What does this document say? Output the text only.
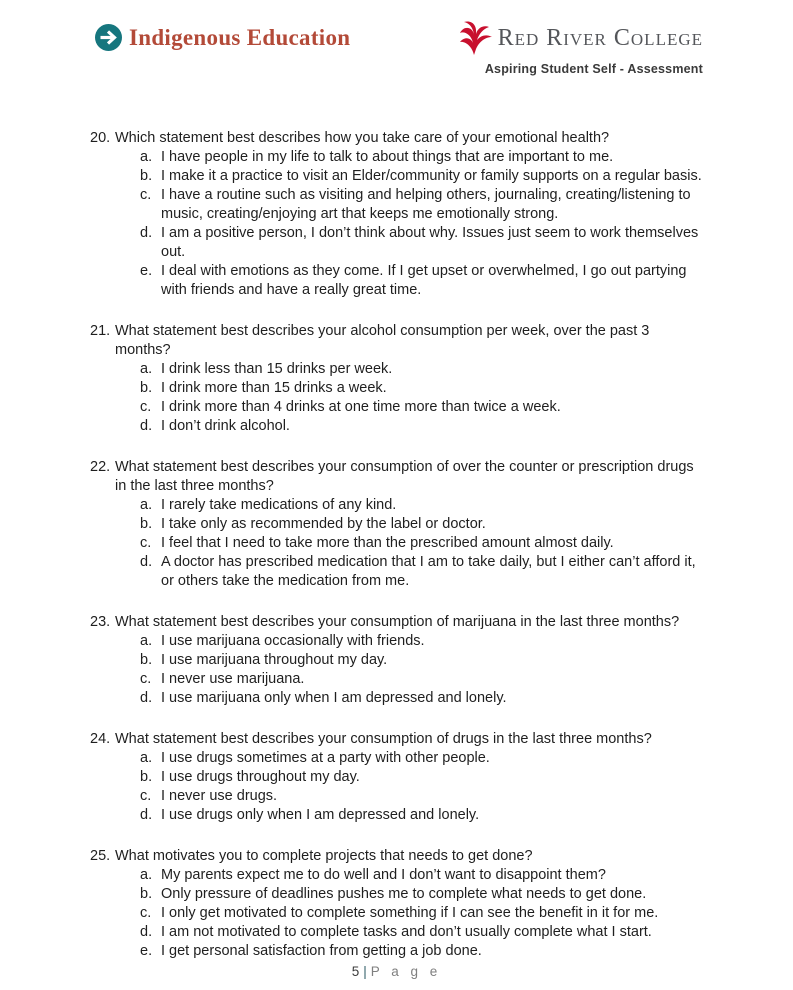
Indigenous Education	Red River College
Aspiring Student Self - Assessment
20. Which statement best describes how you take care of your emotional health?
a. I have people in my life to talk to about things that are important to me.
b. I make it a practice to visit an Elder/community or family supports on a regular basis.
c. I have a routine such as visiting and helping others, journaling, creating/listening to music, creating/enjoying art that keeps me emotionally strong.
d. I am a positive person, I don’t think about why. Issues just seem to work themselves out.
e. I deal with emotions as they come. If I get upset or overwhelmed, I go out partying with friends and have a really great time.
21. What statement best describes your alcohol consumption per week, over the past 3 months?
a. I drink less than 15 drinks per week.
b. I drink more than 15 drinks a week.
c. I drink more than 4 drinks at one time more than twice a week.
d. I don’t drink alcohol.
22. What statement best describes your consumption of over the counter or prescription drugs in the last three months?
a. I rarely take medications of any kind.
b. I take only as recommended by the label or doctor.
c. I feel that I need to take more than the prescribed amount almost daily.
d. A doctor has prescribed medication that I am to take daily, but I either can’t afford it, or others take the medication from me.
23. What statement best describes your consumption of marijuana in the last three months?
a. I use marijuana occasionally with friends.
b. I use marijuana throughout my day.
c. I never use marijuana.
d. I use marijuana only when I am depressed and lonely.
24. What statement best describes your consumption of drugs in the last three months?
a. I use drugs sometimes at a party with other people.
b. I use drugs throughout my day.
c. I never use drugs.
d. I use drugs only when I am depressed and lonely.
25. What motivates you to complete projects that needs to get done?
a. My parents expect me to do well and I don’t want to disappoint them?
b. Only pressure of deadlines pushes me to complete what needs to get done.
c. I only get motivated to complete something if I can see the benefit in it for me.
d. I am not motivated to complete tasks and don’t usually complete what I start.
e. I get personal satisfaction from getting a job done.
5 | P a g e
